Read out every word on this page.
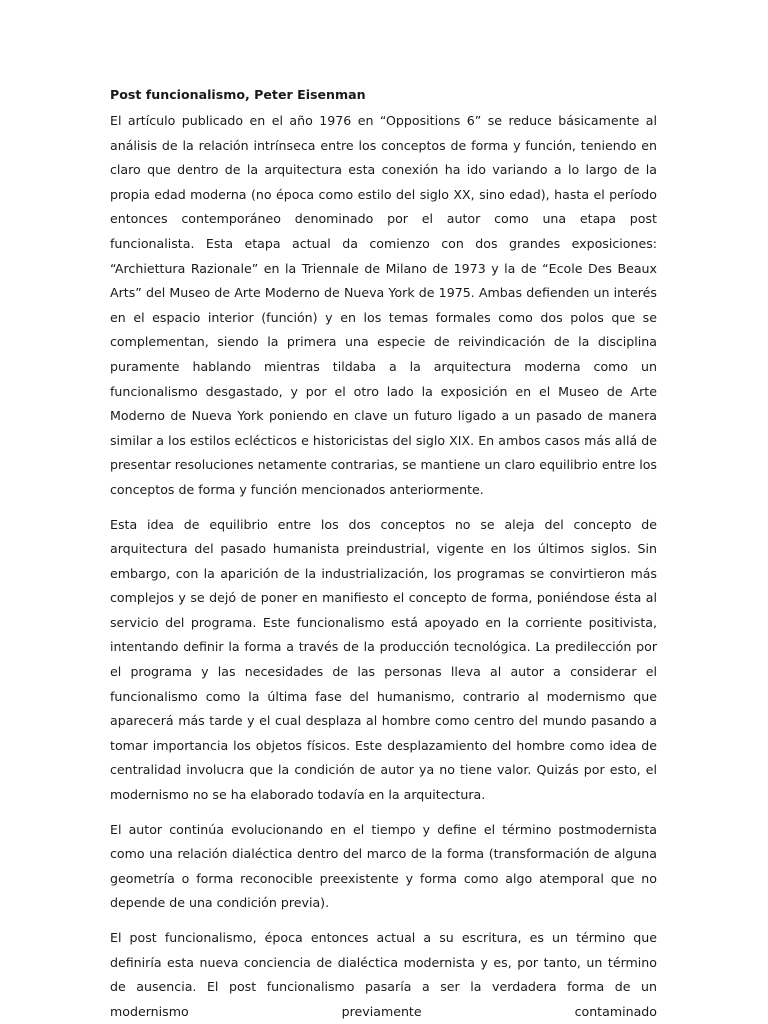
Post funcionalismo, Peter Eisenman

El artículo publicado en el año 1976 en “Oppositions 6” se reduce básicamente al análisis de la relación intrínseca entre los conceptos de forma y función, teniendo en claro que dentro de la arquitectura esta conexión ha ido variando a lo largo de la propia edad moderna (no época como estilo del siglo XX, sino edad), hasta el período entonces contemporáneo denominado por el autor como una etapa post funcionalista. Esta etapa actual da comienzo con dos grandes exposiciones: “Archiettura Razionale” en la Triennale de Milano de 1973 y la de “Ecole Des Beaux Arts” del Museo de Arte Moderno de Nueva York de 1975. Ambas defienden un interés en el espacio interior (función) y en los temas formales como dos polos que se complementan, siendo la primera una especie de reivindicación de la disciplina puramente hablando mientras tildaba a la arquitectura moderna como un funcionalismo desgastado, y por el otro lado la exposición en el Museo de Arte Moderno de Nueva York poniendo en clave un futuro ligado a un pasado de manera similar a los estilos eclécticos e historicistas del siglo XIX. En ambos casos más allá de presentar resoluciones netamente contrarias, se mantiene un claro equilibrio entre los conceptos de forma y función mencionados anteriormente.

Esta idea de equilibrio entre los dos conceptos no se aleja del concepto de arquitectura del pasado humanista preindustrial, vigente en los últimos siglos. Sin embargo, con la aparición de la industrialización, los programas se convirtieron más complejos y se dejó de poner en manifiesto el concepto de forma, poniéndose ésta al servicio del programa. Este funcionalismo está apoyado en la corriente positivista, intentando definir la forma a través de la producción tecnológica. La predilección por el programa y las necesidades de las personas lleva al autor a considerar el funcionalismo como la última fase del humanismo, contrario al modernismo que aparecerá más tarde y el cual desplaza al hombre como centro del mundo pasando a tomar importancia los objetos físicos. Este desplazamiento del hombre como idea de centralidad involucra que la condición de autor ya no tiene valor. Quizás por esto, el modernismo no se ha elaborado todavía en la arquitectura.

El autor continúa evolucionando en el tiempo y define el término postmodernista como una relación dialéctica dentro del marco de la forma (transformación de alguna geometría o forma reconocible preexistente y forma como algo atemporal que no depende de una condición previa).

El post funcionalismo, época entonces actual a su escritura, es un término que definiría esta nueva conciencia de dialéctica modernista y es, por tanto, un término de ausencia. El post funcionalismo pasaría a ser la verdadera forma de un modernismo previamente contaminado
